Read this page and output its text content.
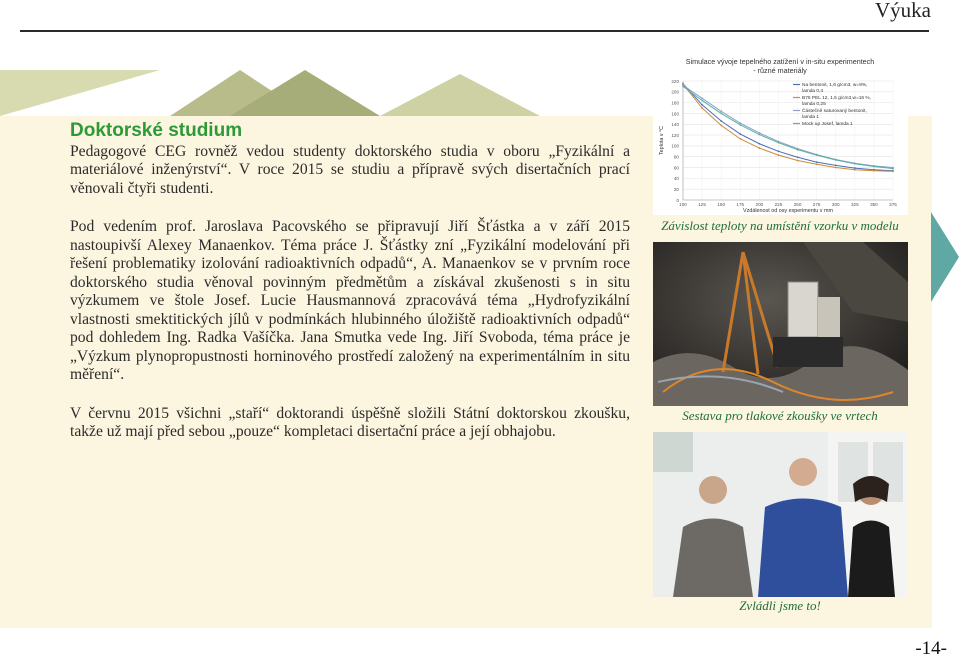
Výuka
Doktorské studium

Pedagogové CEG rovněž vedou studenty doktorského studia v oboru „Fyzikální a materiálové inženýrství“. V roce 2015 se studiu a přípravě svých disertačních prací věnovali čtyři studenti.

Pod vedením prof. Jaroslava Pacovského se připravují Jiří Šťástka a v září 2015 nastoupivší Alexey Manaenkov. Téma práce J. Šťástky zní „Fyzikální modelování při řešení problematiky izolování radioaktivních odpadů“, A. Manaenkov se v prvním roce doktorského studia věnoval povinným předmětům a získával zkušenosti s in situ výzkumem ve štole Josef. Lucie Hausmannová zpracovává téma „Hydrofyzikální vlastnosti smektitických jílů v podmínkách hlubinného úložiště radioaktivních odpadů“ pod dohledem Ing. Radka Vašíčka. Jana Smutka vede Ing. Jiří Svoboda, téma práce je „Výzkum plynopropustnosti horninového prostředí založený na experimentálním in situ měření“.

V červnu 2015 všichni „staří“ doktorandi úspěšně složili Státní doktorskou zkoušku, takže už mají před sebou „pouze“ kompletaci disertační práce a její obhajobu.

Simulace vývoje tepelného zatížení v in-situ experimentech
- různé materiály
0
20
40
60
80
100
120
140
160
180
200
220
100 125 150 175 200 225 250 275 300 325 350 375
Vzdálenost od osy experimentu v mm
Teplota v °C
Na bentonit, 1,6 g/cm3, w=8%,
lamda 0,4
B75 PEL 12, 1,5 g/cm3,w=16 %,
lamda 0,25
Částečně saturovaný bentonit,
lamda 1
Mock up Josef, lamda 1
Závislost teploty na umístění vzorku v modelu
Sestava pro tlakové zkoušky ve vrtech
Zvládli jsme to!
-14-
